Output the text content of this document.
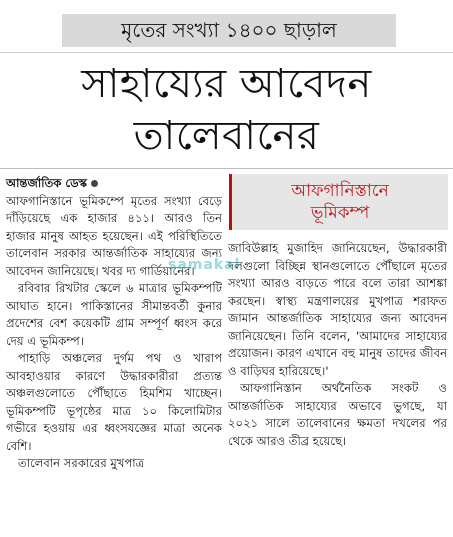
মৃতের সংখ্যা ১৪০০ ছাড়াল
সাহায্যের আবেদন
তালেবানের

আন্তর্জাতিক ডেস্ক

আফগানিস্তানে ভূমিকম্পে মৃতের সংখ্যা বেড়ে দাঁড়িয়েছে এক হাজার ৪১১। আরও তিন হাজার মানুষ আহত হয়েছেন। এই পরিস্থিতিতে তালেবান সরকার আন্তর্জাতিক সাহায্যের জন্য আবেদন জানিয়েছে। খবর দ্য গার্ডিয়ানের।

রবিবার রিখটার স্কেলে ৬ মাত্রার ভূমিকম্পটি আঘাত হানে। পাকিস্তানের সীমান্তবর্তী কুনার প্রদেশের বেশ কয়েকটি গ্রাম সম্পূর্ণ ধ্বংস করে দেয় এ ভূমিকম্প।

পাহাড়ি অঞ্চলের দুর্গম পথ ও খারাপ আবহাওয়ার কারণে উদ্ধারকারীরা প্রত্যন্ত অঞ্চলগুলোতে পৌঁছাতে হিমশিম খাচ্ছেন। ভূমিকম্পটি ভূপৃষ্ঠের মাত্র ১০ কিলোমিটার গভীরে হওয়ায় এর ধ্বংসযজ্ঞের মাত্রা অনেক বেশি।

তালেবান সরকারের মুখপাত্র

আফগানিস্তানে
ভূমিকম্প

জাবিউল্লাহ মুজাহিদ জানিয়েছেন, উদ্ধারকারী দলগুলো বিচ্ছিন্ন স্থানগুলোতে পৌঁছালে মৃতের সংখ্যা আরও বাড়তে পারে বলে তারা আশঙ্কা করছেন। স্বাস্থ্য মন্ত্রণালয়ের মুখপাত্র শরাফত জামান আন্তর্জাতিক সাহায্যের জন্য আবেদন জানিয়েছেন। তিনি বলেন, 'আমাদের সাহায্যের প্রয়োজন। কারণ এখানে বহু মানুষ তাদের জীবন ও বাড়িঘর হারিয়েছে।'

আফগানিস্তান অর্থনৈতিক সংকট ও আন্তর্জাতিক সাহায্যের অভাবে ভুগছে, যা ২০২১ সালে তালেবানের ক্ষমতা দখলের পর থেকে আরও তীব্র হয়েছে।

samakal
